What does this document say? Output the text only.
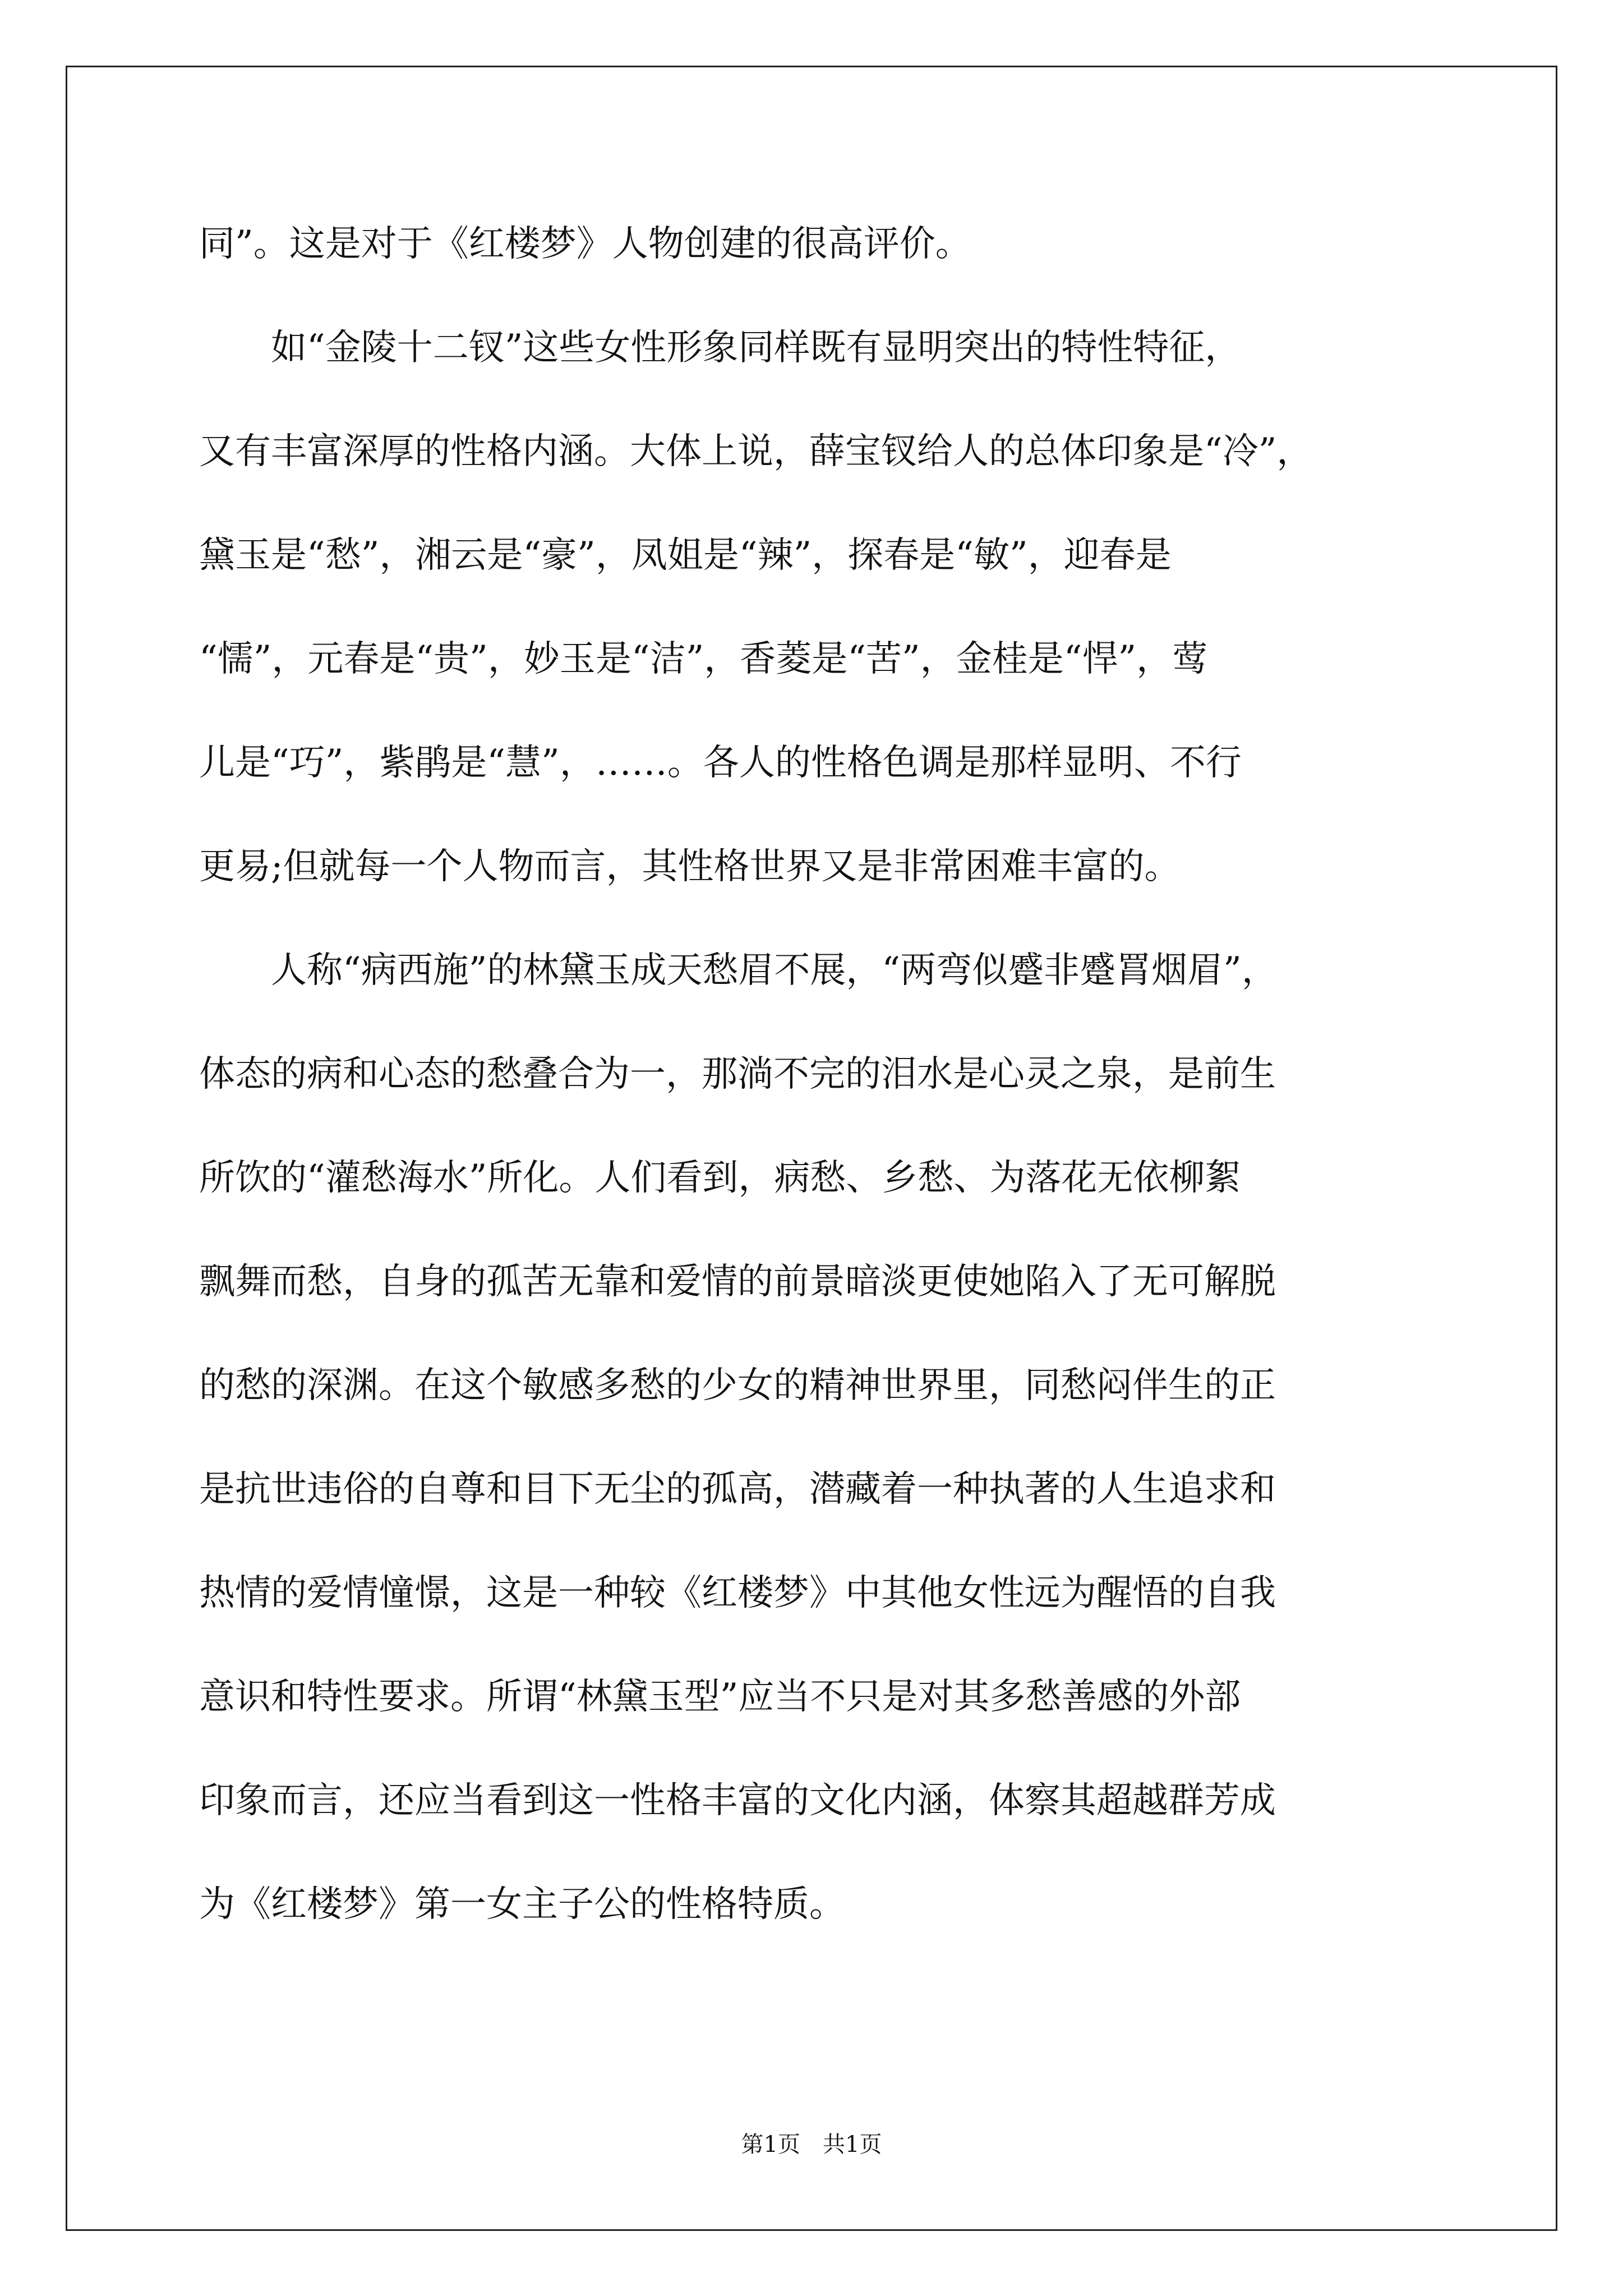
同”。这是对于《红楼梦》人物创建的很高评价。
　　如“金陵十二钗”这些女性形象同样既有显明突出的特性特征，
又有丰富深厚的性格内涵。大体上说，薛宝钗给人的总体印象是“冷”，
黛玉是“愁”，湘云是“豪”，凤姐是“辣”，探春是“敏”，迎春是
“懦”，元春是“贵”，妙玉是“洁”，香菱是“苦”，金桂是“悍”，莺
儿是“巧”，紫鹃是“慧”，……。各人的性格色调是那样显明、不行
更易;但就每一个人物而言，其性格世界又是非常困难丰富的。
　　人称“病西施”的林黛玉成天愁眉不展，“两弯似蹙非蹙罥烟眉”，
体态的病和心态的愁叠合为一，那淌不完的泪水是心灵之泉，是前生
所饮的“灌愁海水”所化。人们看到，病愁、乡愁、为落花无依柳絮
飘舞而愁，自身的孤苦无靠和爱情的前景暗淡更使她陷入了无可解脱
的愁的深渊。在这个敏感多愁的少女的精神世界里，同愁闷伴生的正
是抗世违俗的自尊和目下无尘的孤高，潜藏着一种执著的人生追求和
热情的爱情憧憬，这是一种较《红楼梦》中其他女性远为醒悟的自我
意识和特性要求。所谓“林黛玉型”应当不只是对其多愁善感的外部
印象而言，还应当看到这一性格丰富的文化内涵，体察其超越群芳成
为《红楼梦》第一女主子公的性格特质。
第1页　共1页
